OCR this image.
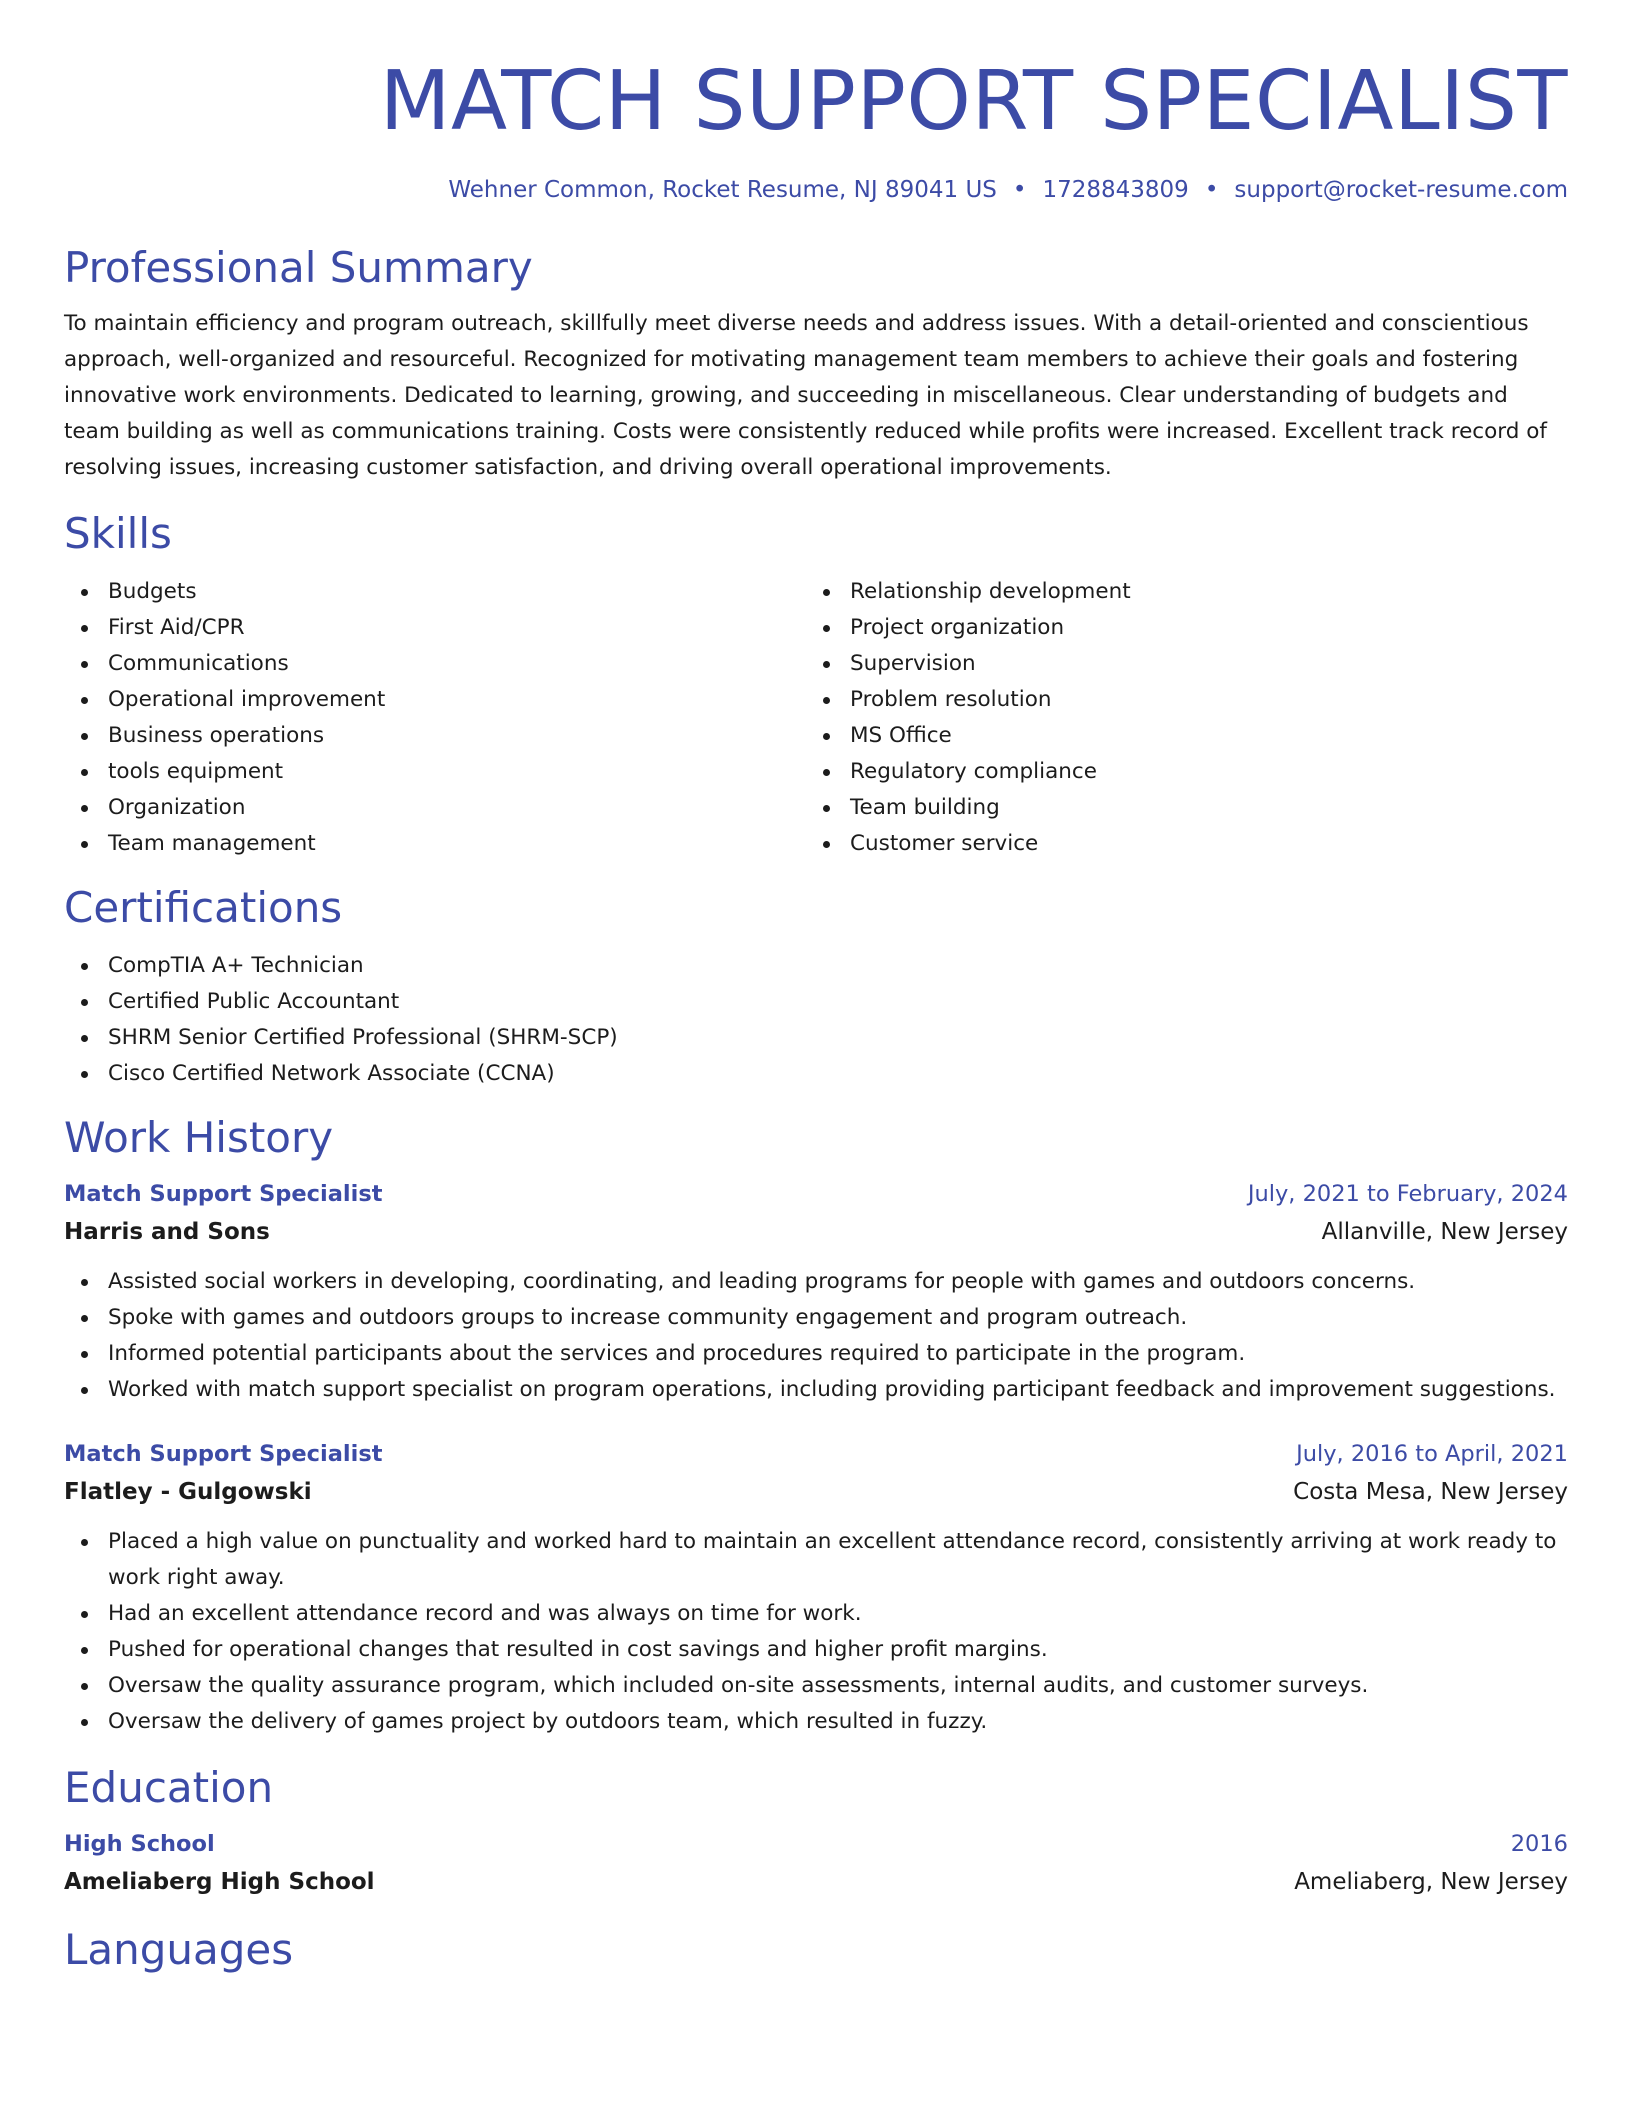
MATCH SUPPORT SPECIALIST
Wehner Common, Rocket Resume, NJ 89041 US • 1728843809 • support@rocket-resume.com
Professional Summary

To maintain efficiency and program outreach, skillfully meet diverse needs and address issues. With a detail-oriented and conscientious approach, well-organized and resourceful. Recognized for motivating management team members to achieve their goals and fostering innovative work environments. Dedicated to learning, growing, and succeeding in miscellaneous. Clear understanding of budgets and team building as well as communications training. Costs were consistently reduced while profits were increased. Excellent track record of resolving issues, increasing customer satisfaction, and driving overall operational improvements.

Skills
Budgets
First Aid/CPR
Communications
Operational improvement
Business operations
tools equipment
Organization
Team management
Relationship development
Project organization
Supervision
Problem resolution
MS Office
Regulatory compliance
Team building
Customer service
Certifications
CompTIA A+ Technician
Certified Public Accountant
SHRM Senior Certified Professional (SHRM-SCP)
Cisco Certified Network Associate (CCNA)
Work History
Match Support Specialist	July, 2021 to February, 2024
Harris and Sons	Allanville, New Jersey
Assisted social workers in developing, coordinating, and leading programs for people with games and outdoors concerns.
Spoke with games and outdoors groups to increase community engagement and program outreach.
Informed potential participants about the services and procedures required to participate in the program.
Worked with match support specialist on program operations, including providing participant feedback and improvement suggestions.
Match Support Specialist	July, 2016 to April, 2021
Flatley - Gulgowski	Costa Mesa, New Jersey
Placed a high value on punctuality and worked hard to maintain an excellent attendance record, consistently arriving at work ready to work right away.
Had an excellent attendance record and was always on time for work.
Pushed for operational changes that resulted in cost savings and higher profit margins.
Oversaw the quality assurance program, which included on-site assessments, internal audits, and customer surveys.
Oversaw the delivery of games project by outdoors team, which resulted in fuzzy.
Education
High School	2016
Ameliaberg High School	Ameliaberg, New Jersey
Languages
